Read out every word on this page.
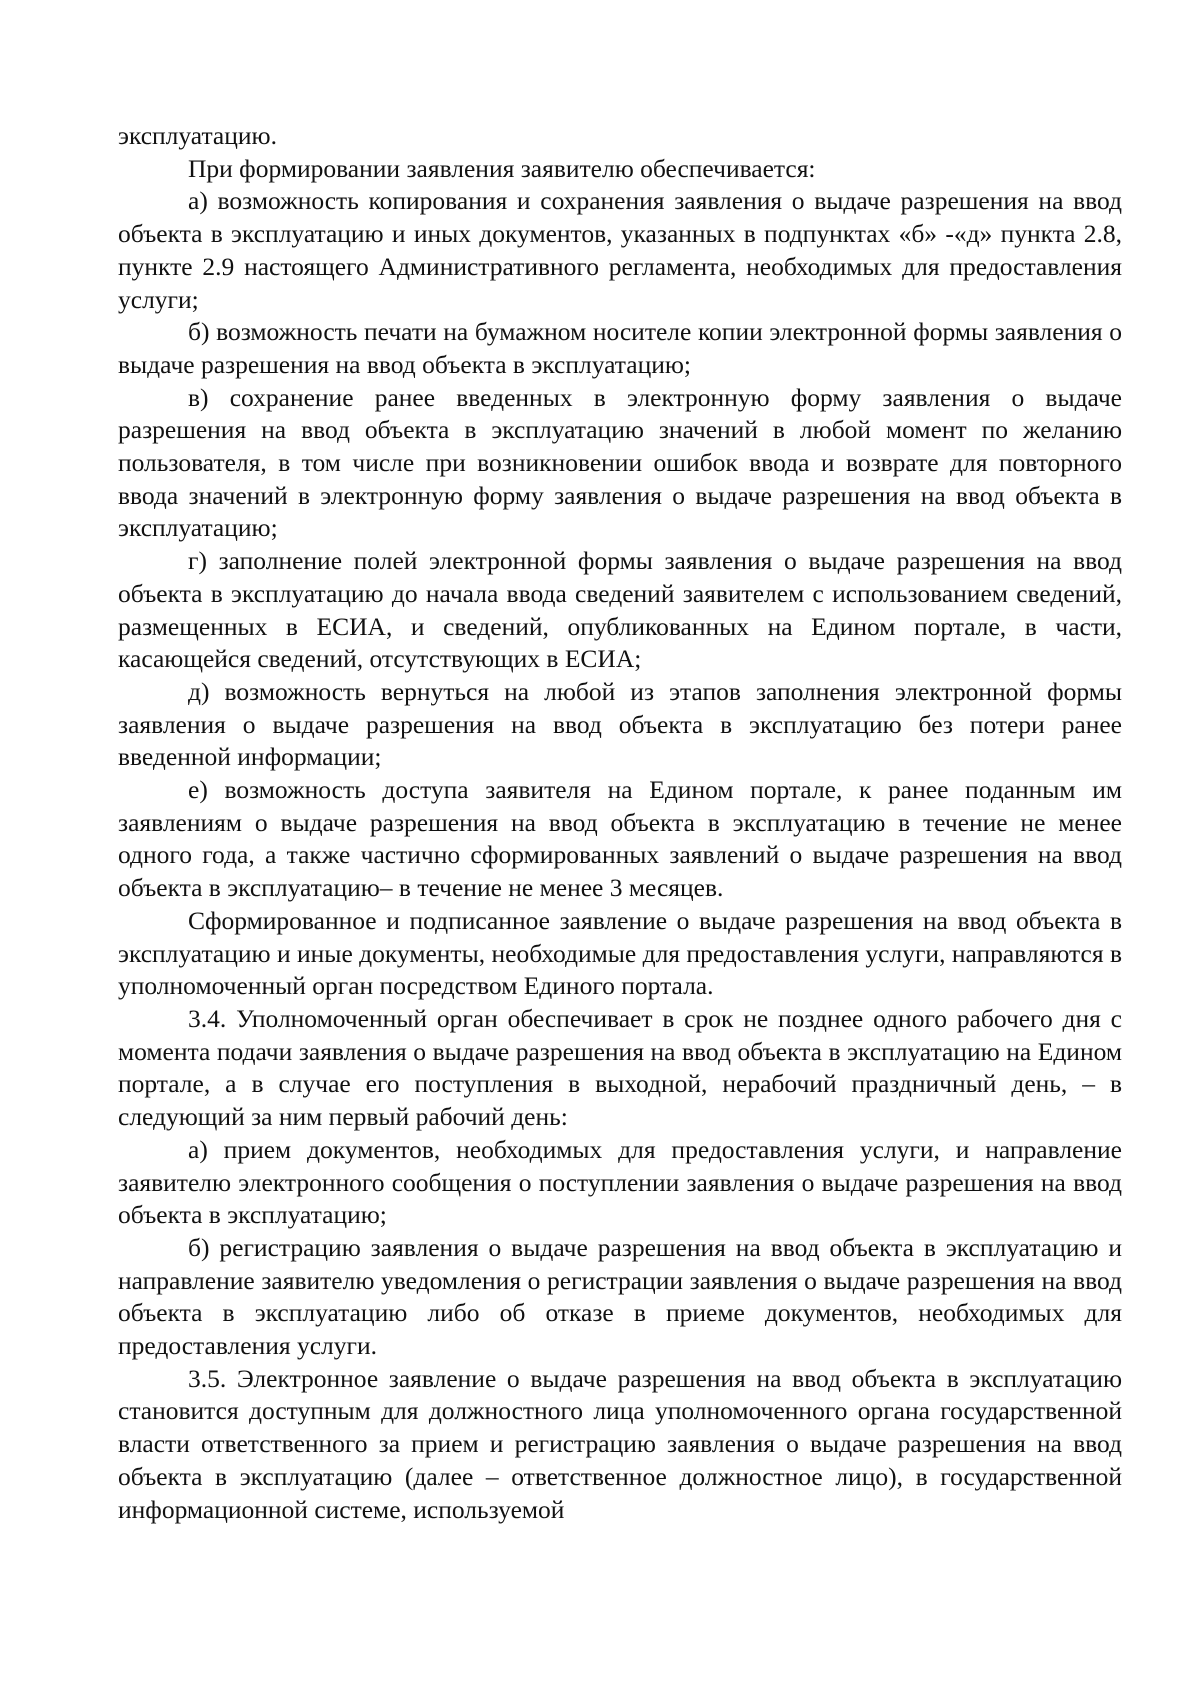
эксплуатацию.

При формировании заявления заявителю обеспечивается:

а) возможность копирования и сохранения заявления о выдаче разрешения на ввод объекта в эксплуатацию и иных документов, указанных в подпунктах «б» -«д» пункта 2.8, пункте 2.9 настоящего Административного регламента, необходимых для предоставления услуги;

б) возможность печати на бумажном носителе копии электронной формы заявления о выдаче разрешения на ввод объекта в эксплуатацию;

в) сохранение ранее введенных в электронную форму заявления о выдаче разрешения на ввод объекта в эксплуатацию значений в любой момент по желанию пользователя, в том числе при возникновении ошибок ввода и возврате для повторного ввода значений в электронную форму заявления о выдаче разрешения на ввод объекта в эксплуатацию;

г) заполнение полей электронной формы заявления о выдаче разрешения на ввод объекта в эксплуатацию до начала ввода сведений заявителем с использованием сведений, размещенных в ЕСИА, и сведений, опубликованных на Едином портале, в части, касающейся сведений, отсутствующих в ЕСИА;

д) возможность вернуться на любой из этапов заполнения электронной формы заявления о выдаче разрешения на ввод объекта в эксплуатацию без потери ранее введенной информации;

е) возможность доступа заявителя на Едином портале, к ранее поданным им заявлениям о выдаче разрешения на ввод объекта в эксплуатацию в течение не менее одного года, а также частично сформированных заявлений о выдаче разрешения на ввод объекта в эксплуатацию– в течение не менее 3 месяцев.

Сформированное и подписанное заявление о выдаче разрешения на ввод объекта в эксплуатацию и иные документы, необходимые для предоставления услуги, направляются в уполномоченный орган посредством Единого портала.

3.4. Уполномоченный орган обеспечивает в срок не позднее одного рабочего дня с момента подачи заявления о выдаче разрешения на ввод объекта в эксплуатацию на Едином портале, а в случае его поступления в выходной, нерабочий праздничный день, – в следующий за ним первый рабочий день:

а) прием документов, необходимых для предоставления услуги, и направление заявителю электронного сообщения о поступлении заявления о выдаче разрешения на ввод объекта в эксплуатацию;

б) регистрацию заявления о выдаче разрешения на ввод объекта в эксплуатацию и направление заявителю уведомления о регистрации заявления о выдаче разрешения на ввод объекта в эксплуатацию либо об отказе в приеме документов, необходимых для предоставления услуги.

3.5. Электронное заявление о выдаче разрешения на ввод объекта в эксплуатацию становится доступным для должностного лица уполномоченного органа государственной власти ответственного за прием и регистрацию заявления о выдаче разрешения на ввод объекта в эксплуатацию (далее – ответственное должностное лицо), в государственной информационной системе, используемой
